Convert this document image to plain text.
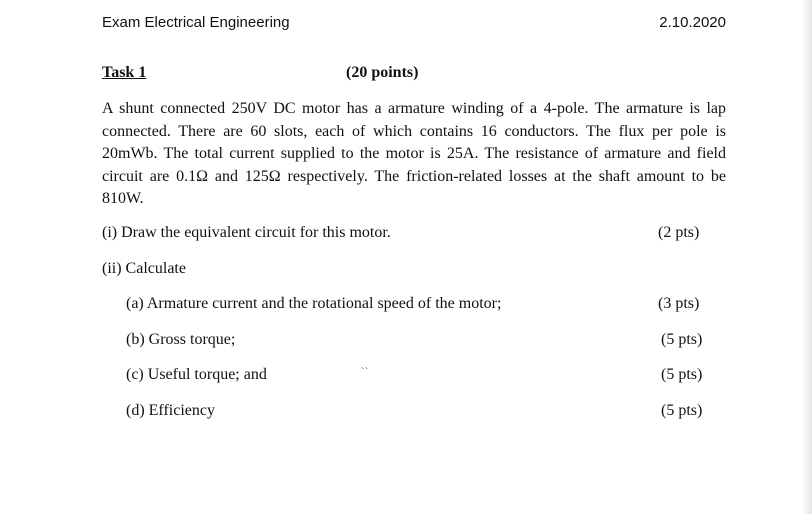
Exam Electrical Engineering	2.10.2020
Task 1	(20 points)
A shunt connected 250V DC motor has a armature winding of a 4-pole. The armature is lap connected. There are 60 slots, each of which contains 16 conductors. The flux per pole is 20mWb. The total current supplied to the motor is 25A. The resistance of armature and field circuit are 0.1Ω and 125Ω respectively. The friction-related losses at the shaft amount to be 810W.
(i) Draw the equivalent circuit for this motor.	(2 pts)
(ii) Calculate
(a) Armature current and the rotational speed of the motor;	(3 pts)
(b) Gross torque;	(5 pts)
ˋˋ
(c) Useful torque; and	(5 pts)
(d) Efficiency	(5 pts)
